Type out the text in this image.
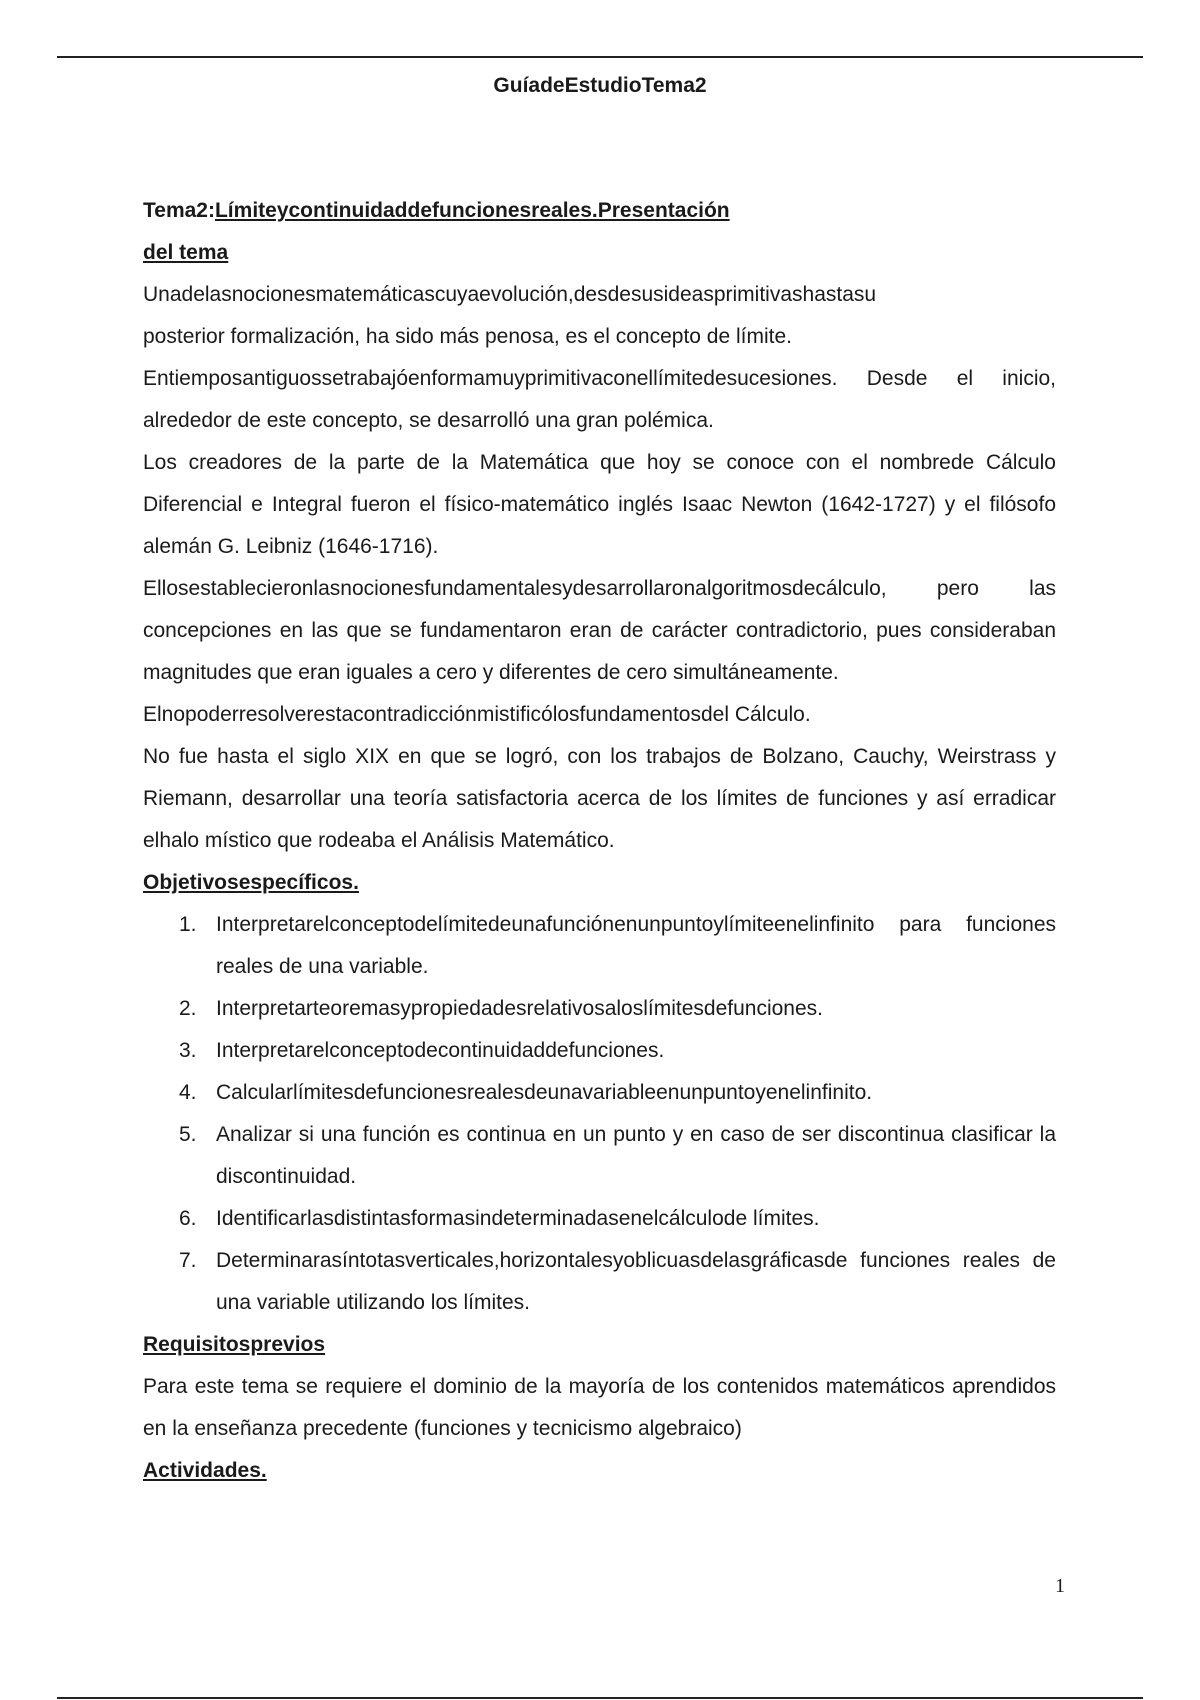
GuíadeEstudioTema2

Tema2:Límiteycontinuidaddefuncionesreales.Presentación

del tema

Unadelasnocionesmatemáticascuyaevolución,desdesusideasprimitivashastasu

posterior formalización, ha sido más penosa, es el concepto de límite.

Entiemposantiguossetrabajóenformamuyprimitivaconellímitedesucesiones. Desde el inicio, alrededor de este concepto, se desarrolló una gran polémica.

Los creadores de la parte de la Matemática que hoy se conoce con el nombrede Cálculo Diferencial e Integral fueron el físico-matemático inglés Isaac Newton (1642-1727) y el filósofo alemán G. Leibniz (1646-1716).

Ellosestablecieronlasnocionesfundamentalesydesarrollaronalgoritmosdecálculo, pero las concepciones en las que se fundamentaron eran de carácter contradictorio, pues consideraban magnitudes que eran iguales a cero y diferentes de cero simultáneamente.

Elnopoderresolverestacontradicciónmistificólosfundamentosdel Cálculo.

No fue hasta el siglo XIX en que se logró, con los trabajos de Bolzano, Cauchy, Weirstrass y Riemann, desarrollar una teoría satisfactoria acerca de los límites de funciones y así erradicar elhalo místico que rodeaba el Análisis Matemático.

Objetivosespecíficos.

1. Interpretarelconceptodelímitedeunafunciónenunpuntoylímiteenelinfinito para funciones reales de una variable.
2. Interpretarteoremasypropiedadesrelativosaloslímitesdefunciones.
3. Interpretarelconceptodecontinuidaddefunciones.
4. Calcularlímitesdefuncionesrealesdeunavariableenunpuntoyenelinfinito.
5. Analizar si una función es continua en un punto y en caso de ser discontinua clasificar la discontinuidad.
6. Identificarlasdistintasformasindeterminadasenelcálculode límites.
7. Determinarasíntotasverticales,horizontalesyoblicuasdelasgráficasde funciones reales de una variable utilizando los límites.

Requisitosprevios

Para este tema se requiere el dominio de la mayoría de los contenidos matemáticos aprendidos en la enseñanza precedente (funciones y tecnicismo algebraico)

Actividades.

1
